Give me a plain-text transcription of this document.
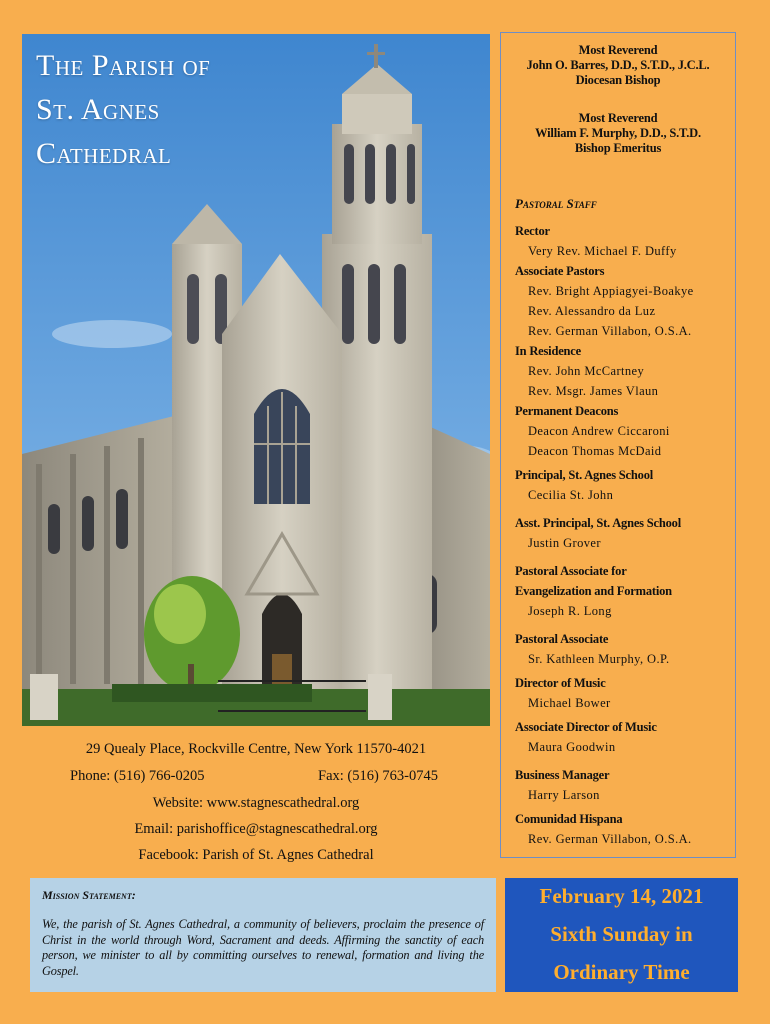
The Parish of
St. Agnes
Cathedral
Most Reverend
John O. Barres, D.D., S.T.D., J.C.L.
Diocesan Bishop
Most Reverend
William F. Murphy, D.D., S.T.D.
Bishop Emeritus
Pastoral Staff
Rector
Very Rev. Michael F. Duffy
Associate Pastors
Rev. Bright Appiagyei-Boakye
Rev. Alessandro da Luz
Rev. German Villabon, O.S.A.
In Residence
Rev. John McCartney
Rev. Msgr. James Vlaun
Permanent Deacons
Deacon Andrew Ciccaroni
Deacon Thomas McDaid
Principal, St. Agnes School
Cecilia St. John
Asst. Principal, St. Agnes School
Justin Grover
Pastoral Associate for
Evangelization and Formation
Joseph R. Long
Pastoral Associate
Sr. Kathleen Murphy, O.P.
Director of Music
Michael Bower
Associate Director of Music
Maura Goodwin
Business Manager
Harry Larson
Comunidad Hispana
Rev. German Villabon, O.S.A.
29 Quealy Place, Rockville Centre, New York 11570-4021
Phone: (516) 766-0205	Fax: (516) 763-0745
Website: www.stagnescathedral.org
Email: parishoffice@stagnescathedral.org
Facebook: Parish of St. Agnes Cathedral
Mission Statement:
We, the parish of St. Agnes Cathedral, a community of believers, proclaim the presence of Christ in the world through Word, Sacrament and deeds. Affirming the sanctity of each person, we minister to all by committing ourselves to renewal, formation and living the Gospel.
February 14, 2021
Sixth Sunday in
Ordinary Time
